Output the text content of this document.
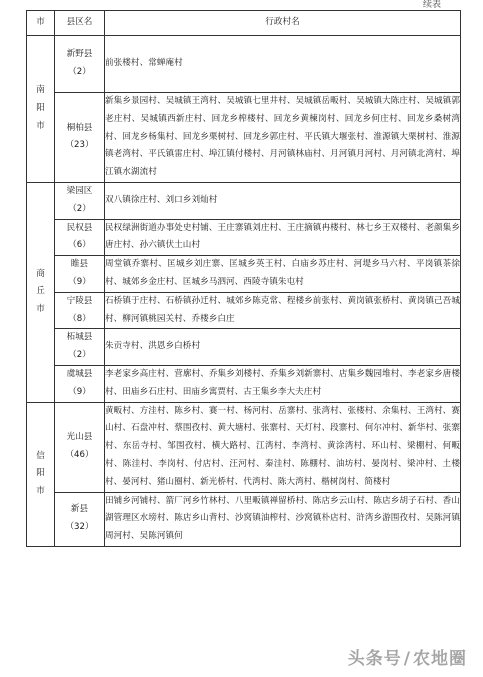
续表
市	县区名	行政村名
南阳市	新野县
（2）	前张楼村、常蝉庵村

	桐柏县
（23）	新集乡景园村、吴城镇王湾村、吴城镇七里井村、吴城镇岳畈村、吴城镇大陈庄村、吴城镇郭老庄村、吴城镇西新庄村、回龙乡榨楼村、回龙乡黄楝岗村、回龙乡何庄村、回龙乡桑树湾村、回龙乡杨集村、回龙乡栗树村、回龙乡郭庄村、平氏镇大堰张村、淮源镇大栗树村、淮源镇老湾村、平氏镇雷庄村、埠江镇付楼村、月河镇林庙村、月河镇月河村、月河镇北湾村、埠江镇水湖流村
商丘市	梁园区
（2）	双八镇徐庄村、刘口乡刘灿村

	民权县
（6）	民权绿洲街道办事处史村铺、王庄寨镇刘庄村、王庄摘镇冉楼村、林七乡王双楼村、老颜集乡唐庄村、孙六镇伏土山村

	睢县
（9）	周堂镇乔寨村、匡城乡刘庄寨、匡城乡英王村、白庙乡苏庄村、河堤乡马六村、平岗镇茶徐村、城郊乡金庄村、匡城乡马泗河、西陵寺镇朱屯村

	宁陵县
（8）	石桥镇于庄村、石桥镇孙迁村、城郊乡陈克常、程楼乡前张村、黄岗镇张桥村、黄岗镇己吾城村、柳河镇桃园关村、乔楼乡白庄

	柘城县
（2）	朱贡寺村、洪恩乡白桥村

	虞城县
（9）	李老家乡高庄村、营廓村、乔集乡刘楼村、乔集乡刘新寨村、店集乡魏园堆村、李老家乡唐楼村、田庙乡石庄村、田庙乡寓贾村、古王集乡李大夫庄村
信阳市	光山县
（46）	黄畈村、方洼村、陈乡村、赛一村、杨河村、岳寨村、张湾村、张楼村、余集村、王湾村、赛山村、石盘冲村、蔡围孜村、黄大塘村、张寨村、天灯村、段寨村、何尔冲村、新华村、张寨村、东岳寺村、邹围孜村、横大路村、江湾村、李湾村、黄涂湾村、环山村、梁棚村、何畈村、陈洼村、李岗村、付店村、汪河村、秦洼村、陈棚村、油坊村、晏岗村、梁冲村、土楼村、晏河村、猪山圈村、新光桥村、代湾村、陈大湾村、楷树岗村、简楼村

	新县
（32）	田铺乡河铺村、箭厂河乡竹林村、八里畈镇禅留桥村、陈店乡云山村、陈店乡胡子石村、香山湖管理区水塝村、陈店乡山背村、沙窝镇油榨村、沙窝镇朴店村、浒湾乡游围孜村、吴陈河镇周河村、吴陈河镇何
头条号 / 农地圈
